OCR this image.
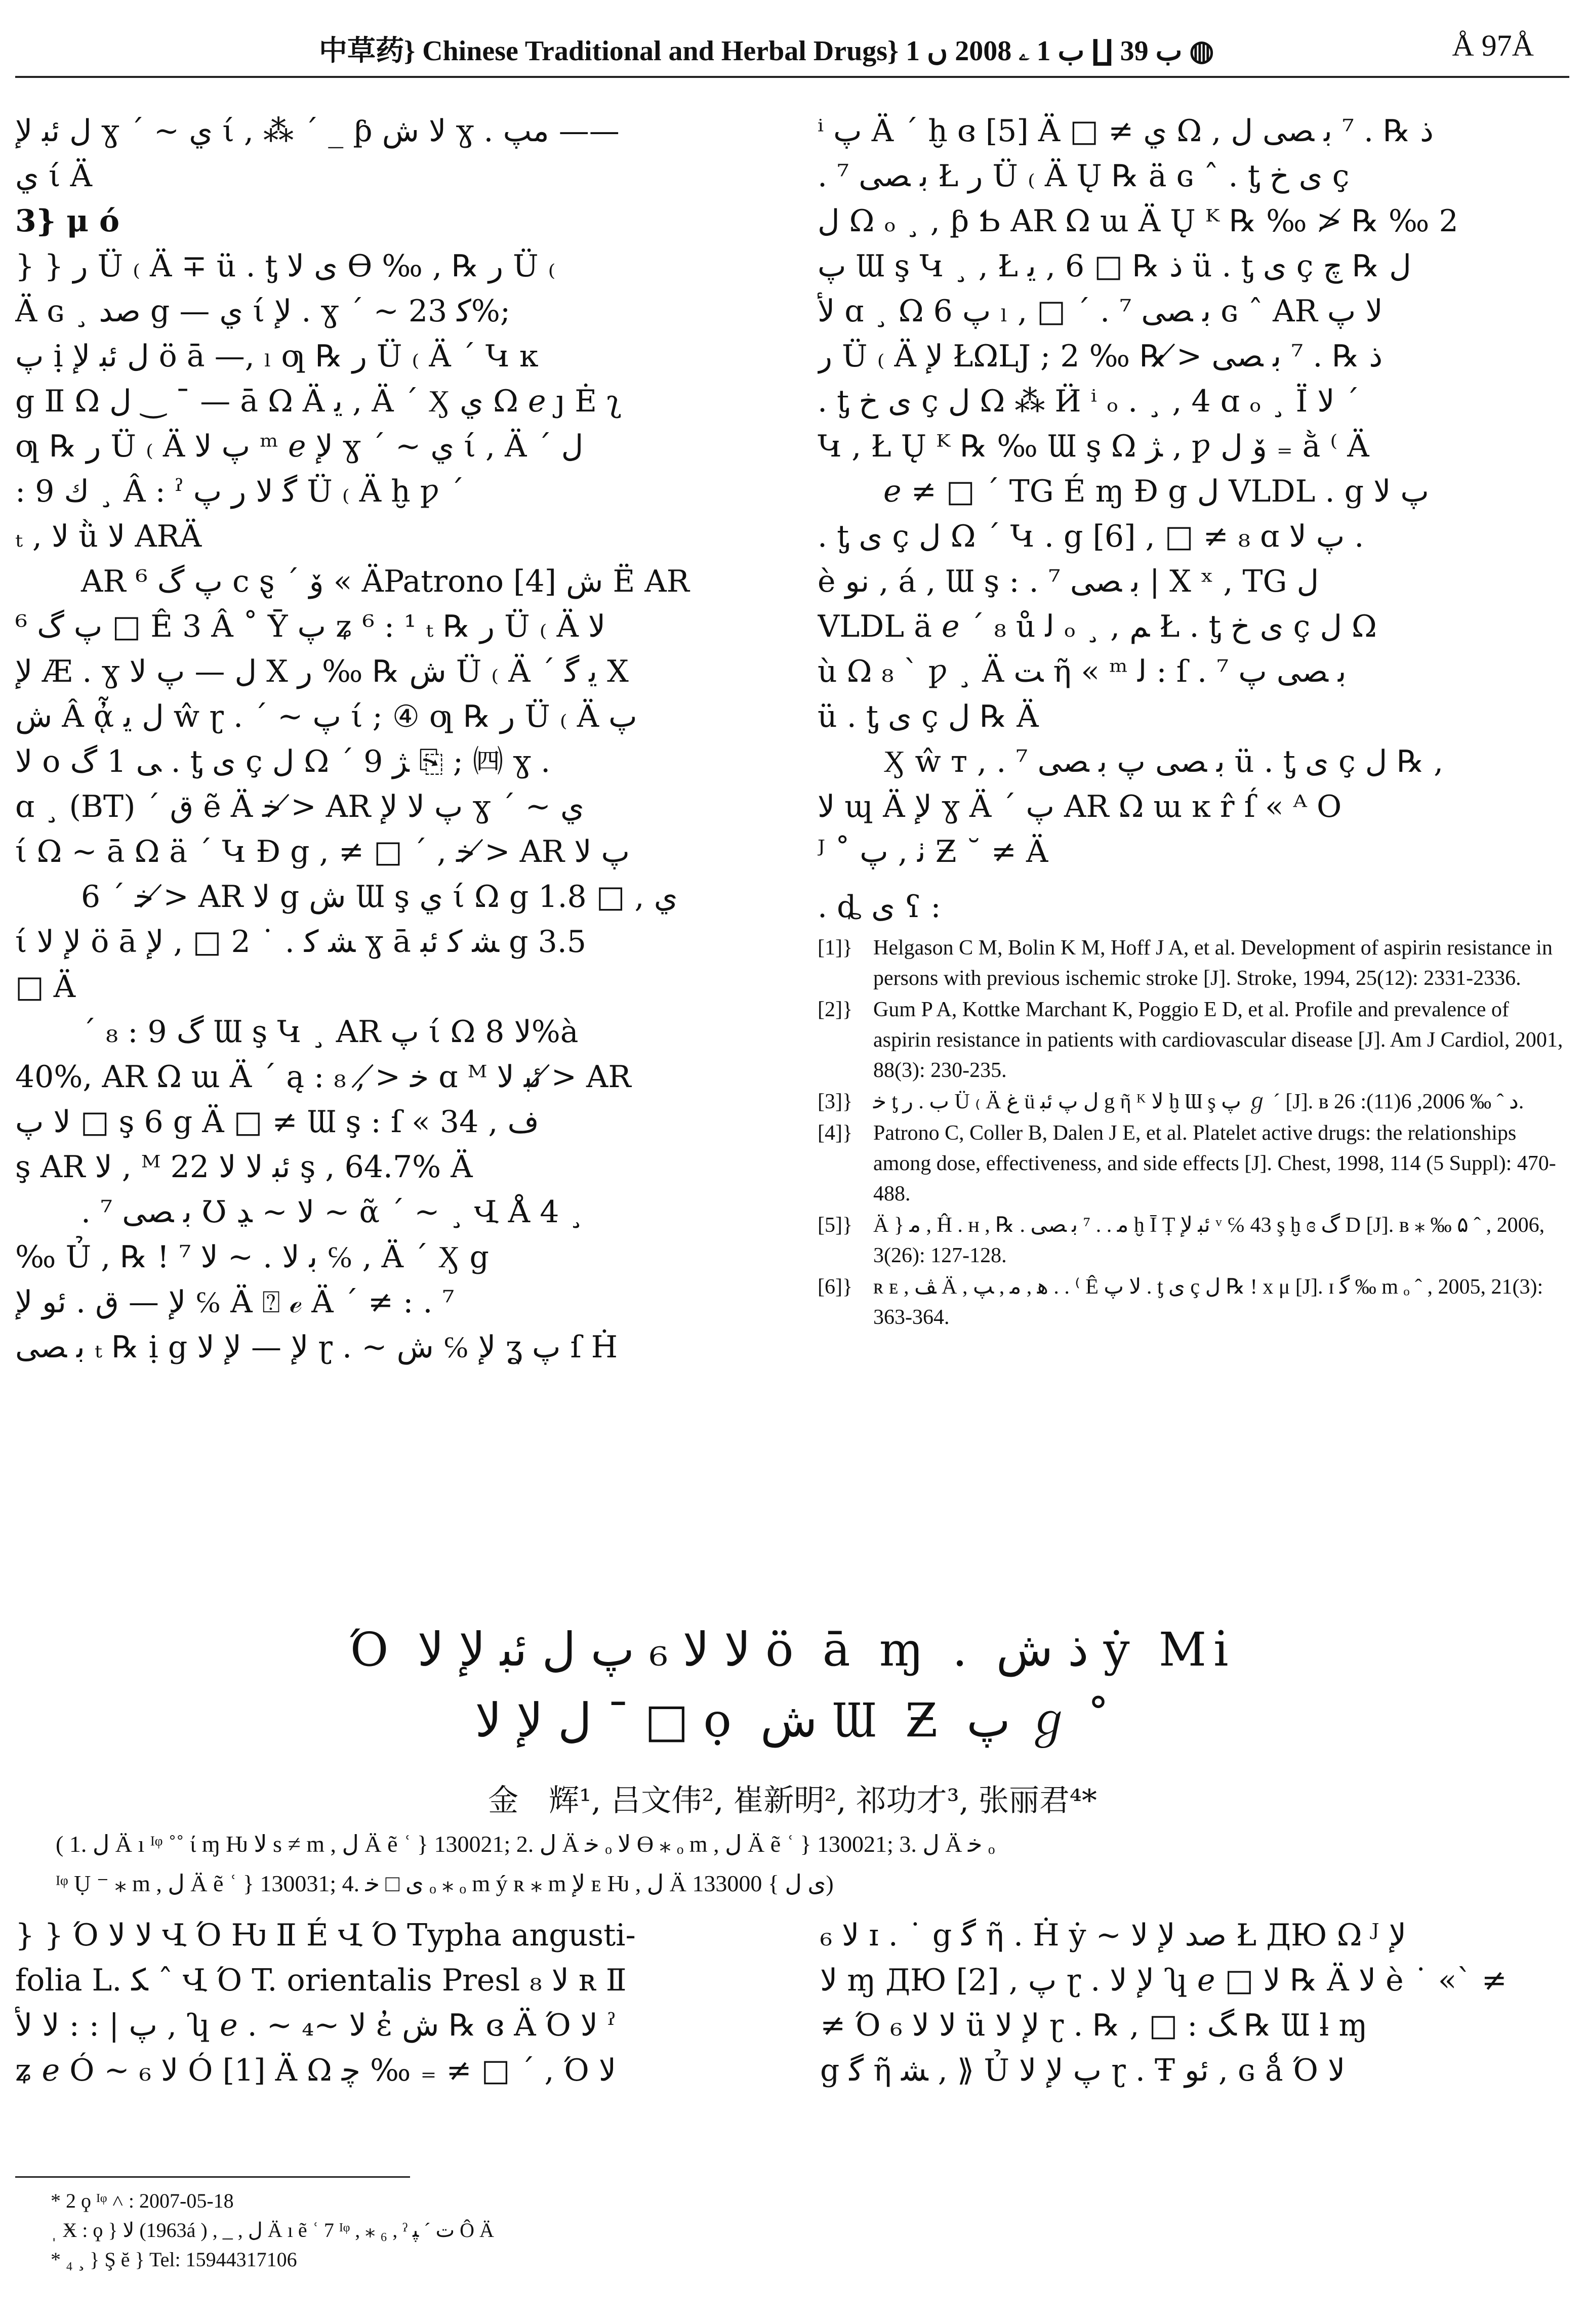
中草药} Chinese Traditional and Herbal Drugs} ب 39 ∐ ب 1 ۦ 2008 ں 1 ◍	Å 97Å

ﻝ ﺋﺒ ﻹ ɣ ˊ ~ ي ί , ⁂ ˊ _ ƥ ﻻ ﺵ ɣ . ﻣﭗ ——

ي ί Ä

3} μ ó

} } ﺭ Ü ₍ Ä ∓ ü . ƫ ﯼ ﻻ ϴ ‰ , ℞ ﺭ Ü ₍

Ä ɢ ¸ ﺻﺪ g — ي ί ﻹ . ɣ ˊ ~ ﻛ 23%;

ﭖ ị ﻝ ﺋﺒ ﻹ ö ā —, ₗ ƣ ℞ ﺭ Ü ₍ Ä ´ Կ ĸ

g Ⅱ Ω ﻝ ‿ ¯ — ā Ω Ä ﻳ , Ä ´ Ӽ ﻱ Ω ℯ ȷ Ė ʅ

ƣ ℞ ﺭ Ü ₍ Ä ﭖ ﻻ ᵐ ℯ ﻹ ɣ ˊ ~ ي ί , Ä ´ ﻝ

: ﻙ 9 ¸ Â : ˀ ﮔ ﻻ ﺭ ﭖ Ü ₍ Ä ḫ ƿ ´

ₜ , ﻻ ǜ ﻻ ARÄ

AR ﭖ ﮒ ⁶ c ȿ ´ ﯙ « ÄPatrono ﺵ [4] Ë AR

ﭖ ﮒ ⁶ □ Ê 3 Â ˚ Ȳ ﭖ ʑ ⁶ : ¹ ₜ ℞ ﺭ Ü ₍ Ä ﻻ

ﻹ Æ . ɣ ﻝ — ﭖ ﻻ X ﺵ ℞ ‰ ﺭ Ü ₍ Ä ´ ﻳ ﮔ X

ﺵ Â ᾆ ﻝ ﻳ ŵ ɽ . ˊ ~ ﭖ ί ; ④ ƣ ℞ ﺭ Ü ₍ Ä ﭖ

ﻻ o ﻰ 1 ﮒ . ƫ ﯼ ç ﻝ Ω ´ 9 ﮋ ⎘ ; ㈣ ɣ .

ɑ ¸ (BT) ˊ ق ẽ Ä ﺧ ≯ AR ﭖ ﻻ ﻹ ɣ ˊ ~ ي

ί Ω ~ ā Ω ä ´ Կ Ɖ g , ≠ □ ´ , ﺧ ≯ AR ﭖ ﻻ

6 ´ ﺧ ≯ AR ﻻ g ﺵ Ɯ ş ي ί Ω g 1.8 □ , ي

ί ﻹ ﻻ ö ā ﺸ ﻛ . ˙ 2 □ , ﻹ ɣ ā ﺸ ﻛ ﺋﺒ g 3.5

□ Ä

´ ₈ : ﮒ 9 Ɯ ş Կ ¸ AR ﭖ ί Ω ﻻ 8%à

40%, AR Ω ɯ Ä ´ ą : ﺧ ≯ , ₈ ɑ ᴹ ﺋﺒ ﻻ ≯ AR

ﻻ ﭖ □ ş 6 g Ä □ ≠ Ɯ ş : ſ « ﻑ , 34

ş AR ﻻ , ᴹ ﺋﺒ ﻻ ﻻ 22 ş , 64.7% Ä

. ⁷ ﺑ ﺼﻰ Ʊ ﻻ ~ ﮃ ~ ᾶ ˊ ~ ¸ Վ Å 4 ¸

‰ Ủ , ℞ ! ⁷ ﺑ ﻻ . ~ ﻻ ℅ , Ä ´ Ӽ g

ﻹ — ﻕ . ﺋﻮ ﻹ ℅ Ä ⍰ ℯ Ä ´ ≠ : . ⁷

ﺑ ﺼﻰ ₜ ℞ ị g ﻹ — ﻹ ﻻ ɽ . ~ ﻹ ℅ ﺵ ʓ ﭖ ſ Ḣ

ⁱ ﭖ Ä ´ ḫ ɞ [5] Ä □ ≠ ي Ω , ﺫ ℞ . ⁷ ﺑ ﺼﻰ ﻝ

. ⁷ ﺑ ﺼﻰ Ł ﺭ Ü ₍ Ä Ų ℞ ä ɢ ˆ . ƫ ﯼ ﺥ ç

ﻝ Ω ₒ ¸ , ƥ Ƅ AR Ω ɯ Ä Ų ᴷ ℞ ‰ ≯ ℞ ‰ 2

ﭖ Ɯ ş Կ ¸ , Ł ﺫ ℞ □ 6 , ﻳ ü . ƫ ﯼ ç ﻝ ℞ ﭺ

ﻷ ɑ ¸ Ω ﭖ 6 ₗ , □ ´ . ⁷ ﺑ ﺼﻰ ɢ ˆ AR ﻻ ﭖ

ﺭ Ü ₍ Ä ﻹ ŁΩǇ ; ﺫ ℞ . ⁷ ﺑ ﺼﻰ ≯ ℞ ‰ 2

. ƫ ﯼ ﺥ ç ﻝ Ω ⁂ Ӥ ⁱ ₒ . ¸ , 4 ɑ ₒ ¸ Ï ﻻ ´

Կ , Ł Ų ᴷ ℞ ‰ Ɯ ş Ω ﮋ , ƿ ﯙ ﻝ ₌ ằ ⁽ Ä

ℯ ≠ □ ´ TG É ɱ Ɖ g ﻝ VLDL . g ﭖ ﻻ

. ƫ ﯼ ç ﻝ Ω ´ Կ . g [6] , □ ≠ ₈ ɑ ﭖ ﻻ .

è ﻧﻮ , á , Ɯ ş : . ⁷ ﺑ ﺼﻰ | X ˣ , TG ﻝ

VLDL ä ℯ ´ ₈ ů ﻟ ₒ ¸ , ﻢ Ł . ƫ ﯼ ﺥ ç ﻝ Ω

ù Ω ₈ ` ƿ ¸ Ä ﺖ ῆ « ᵐ ﻟ : ſ . ⁷ ﺑ ﺼﻰ ﭖ

ü . ƫ ﯼ ç ﻝ ℞ Ä

Ӽ ŵ ᴛ , . ⁷ ﺑ ﺼﻰ ﭖ ﺑ ﺼﻰ ü . ƫ ﯼ ç ﻝ ℞ ,

ﻻ ɰ Ä ﻹ ɣ Ä ´ ﭖ AR Ω ɯ ĸ r̂ ſ́ « ᴬ O

ᴶ ˚ ﭠ , ﭖ Ƶ ˘ ≠ Ä

. ȡ ﯼ ʕ :

[1]} Helgason C M, Bolin K M, Hoff J A, et al. Development of aspirin resistance in persons with previous ischemic stroke [J]. Stroke, 1994, 25(12): 2331-2336.
[2]} Gum P A, Kottke Marchant K, Poggio E D, et al. Profile and prevalence of aspirin resistance in patients with cardiovascular disease [J]. Am J Cardiol, 2001, 88(3): 230-235.
[3]} ﺧ ƫ ﺏ . ﺭ Ü ₍ Ä ﻍ ü ﻝ ﭖ ﺋﺒ g ῆ ᴷ ﻻ ḫ Ɯ ş ﭖ ℊ ´ [J]. ʙ ﺩ ˆ ‰ 2006, 6(11): 26.
[4]} Patrono C, Coller B, Dalen J E, et al. Platelet active drugs: the relationships among dose, effectiveness, and side effects [J]. Chest, 1998, 114 (5 Suppl): 470-488.
[5]} Ä } ﻣ , Ĥ . н , ℞ . ﻣ . . ⁷ ﺑ ﺼﻰ ḫ Ī Ṭ ﺋﺒ ﻹ ᵛ ℅ 43 ş ḫ ɞ ﮒ D [J]. ʙ ⁎ ‰ ۵ ˆ , 2006, 3(26): 127-128.
[6]} ʀ ᴇ , ﭫ Ä , ﻫ , ﻣ , ﭗ . . ⁽ Ê ﻻ ﭖ . ƫ ﯼ ç ﻝ ℞ ! х μ [J]. ɪ ﮔ ‰ m ₒ ˆ , 2005, 21(3): 363-364.
Ό ﻻ ﻻ ₆ ﭖ ﻝ ﺋﺒ ﻹ ﻻ ö ā ɱ . ﺫ ﺵ ẏ Mi̇
ﻝ ﻹ ﻻ ˉ □ ọ ﺵ Ɯ Ƶ ﭖ ℊ ˚
金　辉¹, 吕文伟², 崔新明², 祁功才³, 张丽君⁴*
( 1. ﻝ Ä ı ᴵᵠ ˚˚ ί ɱ Ƕ ﻻ s ≠ m , ﻝ Ä ẽ ʿ } 130021; 2. ﻝ Ä ﺧ ₒ ﻻ ϴ ⁎ ₒ m , ﻝ Ä ẽ ʿ } 130021; 3. ﻝ Ä ﺧ ₒ
ᴵᵠ Ụ ⁻ ⁎ m , ﻝ Ä ẽ ʿ } 130031; 4. ﯼ □ ﺧ ₒ ⁎ ₒ m ý ʀ ⁎ m ﻹ ᴇ Ƕ , ﻝ Ä ﯼ ﻝ } 133000)

} } Ό ﻻ ﻻ Վ Ό Ƕ Ⅱ É Վ Ό Typha angusti-

folia L. ﮑ ˆ Վ Ό T. orientalis Presl ﻻ ₈ ʀ Ⅱ

ﭖ | : : ﻻ ﻷ , ʮ ℯ . ~ ﻻ ~₄ ἐ ﺵ ℞ ɞ Ä Ό ﻻ ˀ

ʑ ℯ Ó ~ ﻻ ₆ Ó [1] Ä Ω ﭼ ‰ ₌ ≠ □ ´ , Ό ﻻ

ﻻ ₆ ɪ . ˙ g ﮔ ῆ . Ḣ ẏ ~ ﺻﺪ ﻹ ﻻ Ł ДЮ Ω ᴶ ﻹ

ﻻ ɱ ДЮ [2] , ﭖ ɽ . ﻹ ﻻ ʮ ℯ □ ﻻ ℞ Ä ﻻ è ˙ «ˋ ≠

≠ Ό ﻻ ﻻ ₆ ü ﻹ ﻻ ɽ . ℞ , □ : ﮓ ℞ Ɯ ƚ ɱ

g ﮔ ῆ ﺸ , ⟫ Ủ ﭖ ﻹ ﻻ ɽ . Ŧ ﺋﻮ , ɢ ǻ Ό ﻻ

* 2 ϙ ᴵᵠ ˄ : 2007-05-18

ˌ Ӿ : ϙ } ﻻ (1963á ) , _ , ﻝ Ä ı ẽ ʿ 7 ᴵᵠ , ⁎ ₆ , ˀ ﺕ ˊ ﭙ Ô Ä

* ₄ ¸ } Ş ĕ } Tel: 15944317106
